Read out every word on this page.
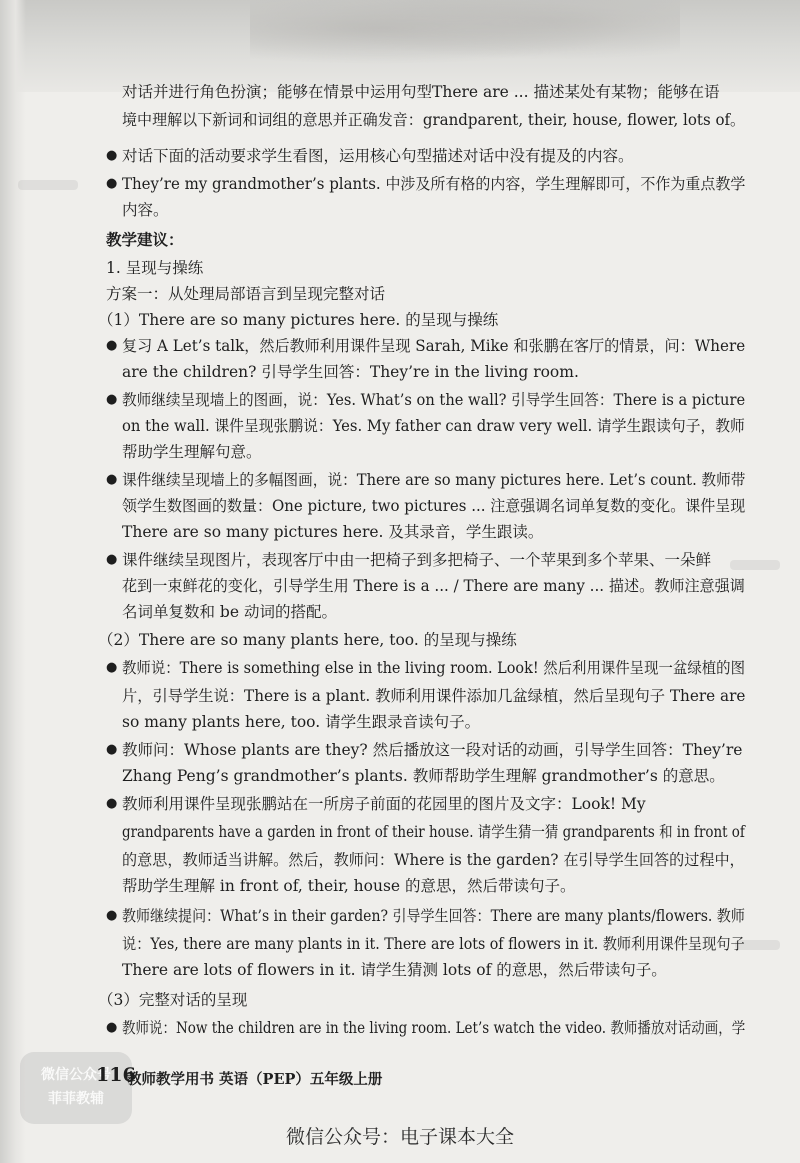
对话并进行角色扮演；能够在情景中运用句型There are ... 描述某处有某物；能够在语
境中理解以下新词和词组的意思并正确发音：grandparent, their, house, flower, lots of。
● 对话下面的活动要求学生看图，运用核心句型描述对话中没有提及的内容。
● They’re my grandmother’s plants. 中涉及所有格的内容，学生理解即可，不作为重点教学
内容。
教学建议：
1. 呈现与操练
方案一：从处理局部语言到呈现完整对话
（1）There are so many pictures here. 的呈现与操练
● 复习 A Let’s talk，然后教师利用课件呈现 Sarah, Mike 和张鹏在客厅的情景，问：Where
are the children? 引导学生回答：They’re in the living room.
● 教师继续呈现墙上的图画，说：Yes. What’s on the wall? 引导学生回答：There is a picture
on the wall. 课件呈现张鹏说：Yes. My father can draw very well. 请学生跟读句子，教师
帮助学生理解句意。
● 课件继续呈现墙上的多幅图画，说：There are so many pictures here. Let’s count. 教师带
领学生数图画的数量：One picture, two pictures ... 注意强调名词单复数的变化。课件呈现
There are so many pictures here. 及其录音，学生跟读。
● 课件继续呈现图片，表现客厅中由一把椅子到多把椅子、一个苹果到多个苹果、一朵鲜
花到一束鲜花的变化，引导学生用 There is a ... / There are many ... 描述。教师注意强调
名词单复数和 be 动词的搭配。
（2）There are so many plants here, too. 的呈现与操练
● 教师说：There is something else in the living room. Look! 然后利用课件呈现一盆绿植的图
片，引导学生说：There is a plant. 教师利用课件添加几盆绿植，然后呈现句子 There are
so many plants here, too. 请学生跟录音读句子。
● 教师问：Whose plants are they? 然后播放这一段对话的动画，引导学生回答：They’re
Zhang Peng’s grandmother’s plants. 教师帮助学生理解 grandmother’s 的意思。
● 教师利用课件呈现张鹏站在一所房子前面的花园里的图片及文字：Look! My
grandparents have a garden in front of their house. 请学生猜一猜 grandparents 和 in front of
的意思，教师适当讲解。然后，教师问：Where is the garden? 在引导学生回答的过程中，
帮助学生理解 in front of, their, house 的意思，然后带读句子。
● 教师继续提问：What’s in their garden? 引导学生回答：There are many plants/flowers. 教师
说：Yes, there are many plants in it. There are lots of flowers in it. 教师利用课件呈现句子
There are lots of flowers in it. 请学生猜测 lots of 的意思，然后带读句子。
（3）完整对话的呈现
● 教师说：Now the children are in the living room. Let’s watch the video. 教师播放对话动画，学
微信公众号
菲菲教辅
116
教师教学用书 英语（PEP）五年级上册
微信公众号：电子课本大全
